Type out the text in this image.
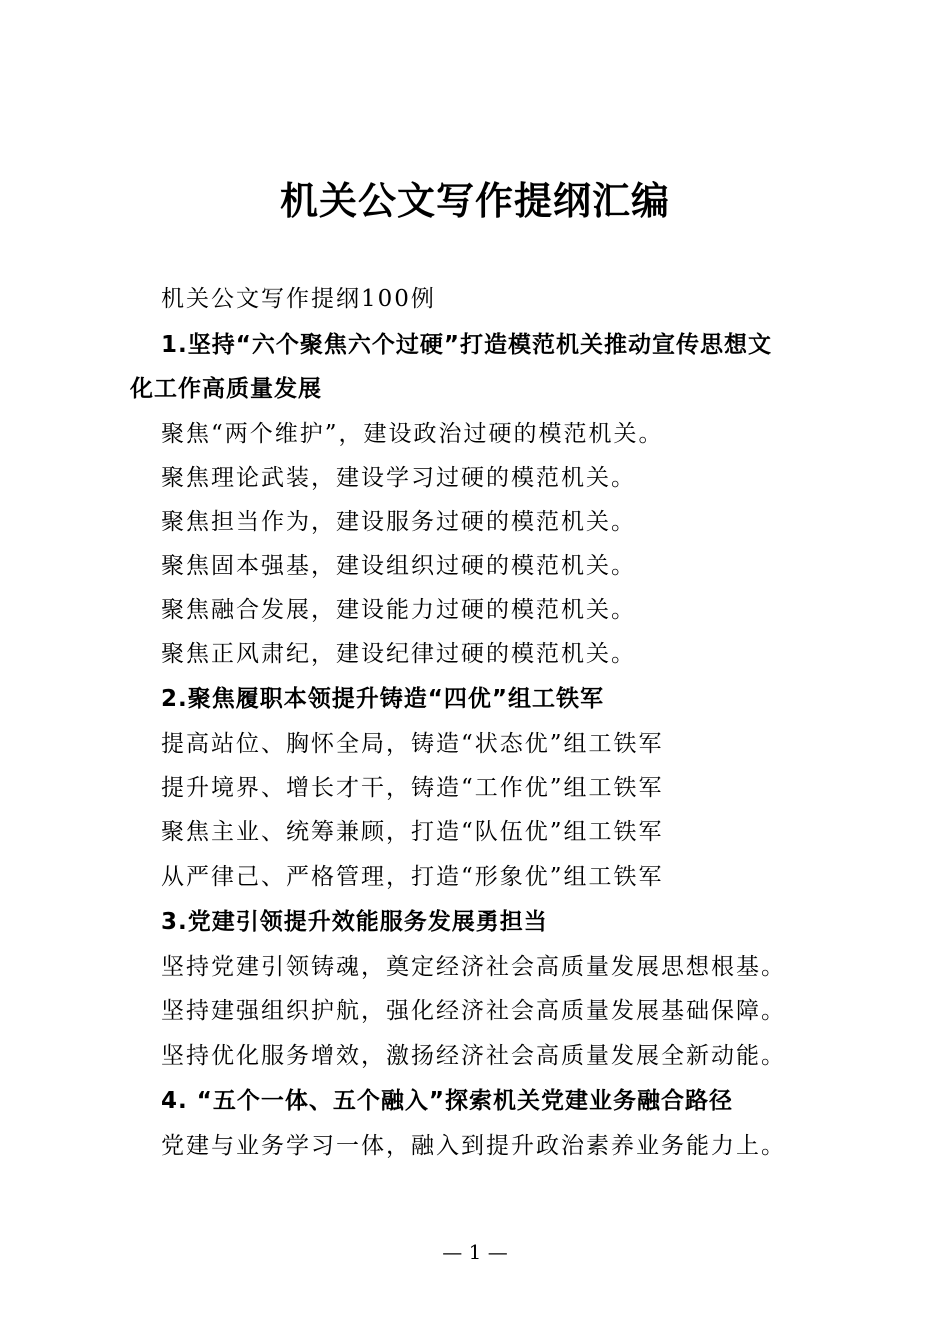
机关公文写作提纲汇编
机关公文写作提纲100例
1.坚持“六个聚焦六个过硬”打造模范机关推动宣传思想文
化工作高质量发展
聚焦“两个维护”，建设政治过硬的模范机关。
聚焦理论武装，建设学习过硬的模范机关。
聚焦担当作为，建设服务过硬的模范机关。
聚焦固本强基，建设组织过硬的模范机关。
聚焦融合发展，建设能力过硬的模范机关。
聚焦正风肃纪，建设纪律过硬的模范机关。
2.聚焦履职本领提升铸造“四优”组工铁军
提高站位、胸怀全局，铸造“状态优”组工铁军
提升境界、增长才干，铸造“工作优”组工铁军
聚焦主业、统筹兼顾，打造“队伍优”组工铁军
从严律己、严格管理，打造“形象优”组工铁军
3.党建引领提升效能服务发展勇担当
坚持党建引领铸魂，奠定经济社会高质量发展思想根基。
坚持建强组织护航，强化经济社会高质量发展基础保障。
坚持优化服务增效，激扬经济社会高质量发展全新动能。
4. “五个一体、五个融入”探索机关党建业务融合路径
党建与业务学习一体，融入到提升政治素养业务能力上。
— 1 —
